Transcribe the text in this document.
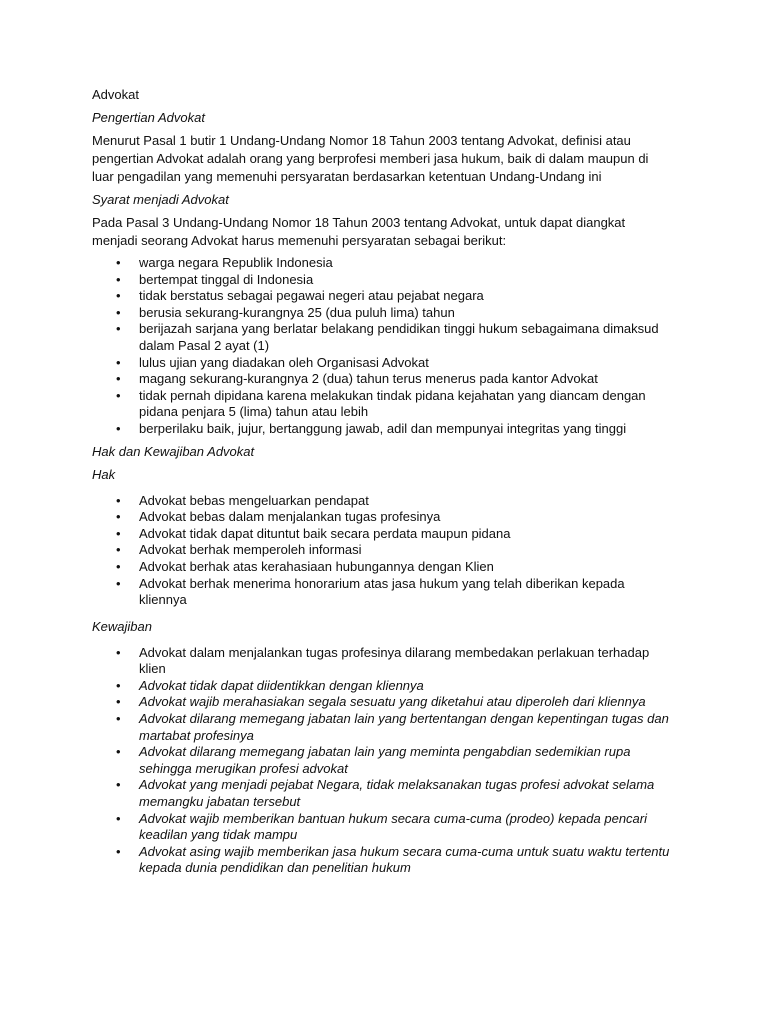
Advokat

Pengertian Advokat

Menurut Pasal 1 butir 1 Undang-Undang Nomor 18 Tahun 2003 tentang Advokat, definisi atau pengertian Advokat adalah orang yang berprofesi memberi jasa hukum, baik di dalam maupun di luar pengadilan yang memenuhi persyaratan berdasarkan ketentuan Undang-Undang ini

Syarat menjadi Advokat

Pada Pasal 3 Undang-Undang Nomor 18 Tahun 2003 tentang Advokat, untuk dapat diangkat menjadi seorang Advokat harus memenuhi persyaratan sebagai berikut:

• warga negara Republik Indonesia
• bertempat tinggal di Indonesia
• tidak berstatus sebagai pegawai negeri atau pejabat negara
• berusia sekurang-kurangnya 25 (dua puluh lima) tahun
• berijazah sarjana yang berlatar belakang pendidikan tinggi hukum sebagaimana dimaksud dalam Pasal 2 ayat (1)
• lulus ujian yang diadakan oleh Organisasi Advokat
• magang sekurang-kurangnya 2 (dua) tahun terus menerus pada kantor Advokat
• tidak pernah dipidana karena melakukan tindak pidana kejahatan yang diancam dengan pidana penjara 5 (lima) tahun atau lebih
• berperilaku baik, jujur, bertanggung jawab, adil dan mempunyai integritas yang tinggi

Hak dan Kewajiban Advokat

Hak

• Advokat bebas mengeluarkan pendapat
• Advokat bebas dalam menjalankan tugas profesinya
• Advokat tidak dapat dituntut baik secara perdata maupun pidana
• Advokat berhak memperoleh informasi
• Advokat berhak atas kerahasiaan hubungannya dengan Klien
• Advokat berhak menerima honorarium atas jasa hukum yang telah diberikan kepada kliennya

Kewajiban

• Advokat dalam menjalankan tugas profesinya dilarang membedakan perlakuan terhadap klien
• Advokat tidak dapat diidentikkan dengan kliennya
• Advokat wajib merahasiakan segala sesuatu yang diketahui atau diperoleh dari kliennya
• Advokat dilarang memegang jabatan lain yang bertentangan dengan kepentingan tugas dan martabat profesinya
• Advokat dilarang memegang jabatan lain yang meminta pengabdian sedemikian rupa sehingga merugikan profesi advokat
• Advokat yang menjadi pejabat Negara, tidak melaksanakan tugas profesi advokat selama memangku jabatan tersebut
• Advokat wajib memberikan bantuan hukum secara cuma-cuma (prodeo) kepada pencari keadilan yang tidak mampu
• Advokat asing wajib memberikan jasa hukum secara cuma-cuma untuk suatu waktu tertentu kepada dunia pendidikan dan penelitian hukum
